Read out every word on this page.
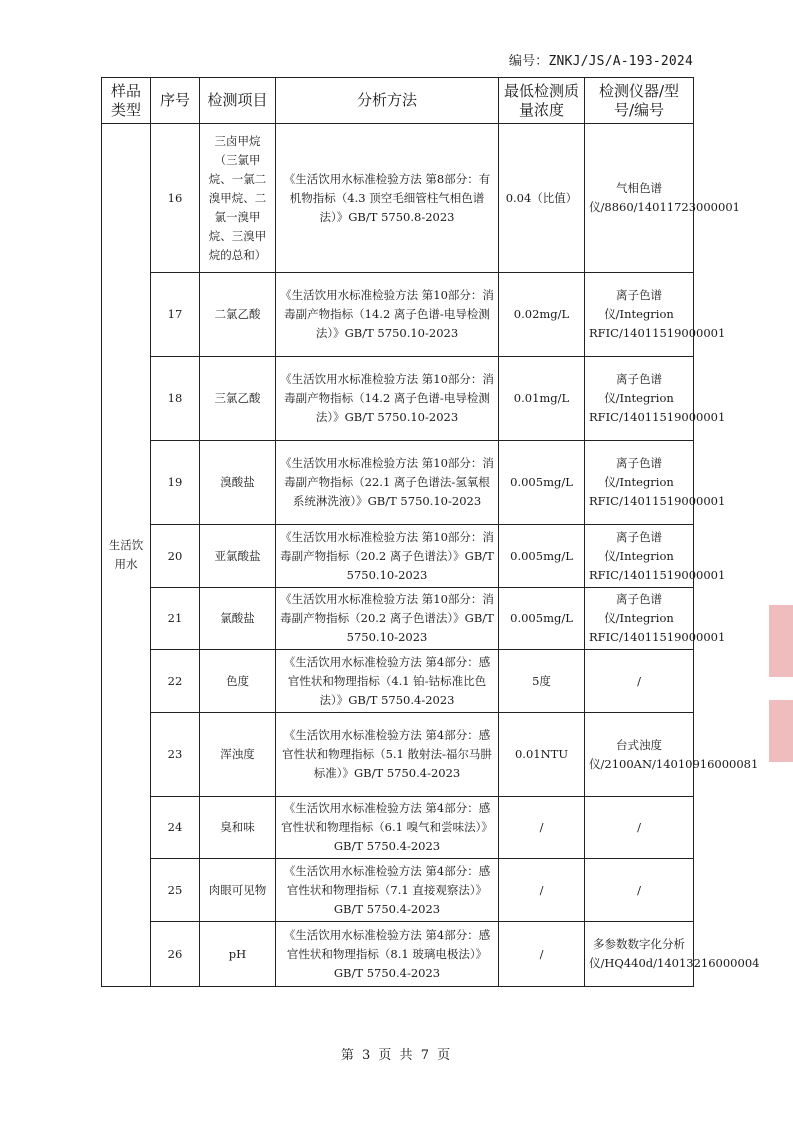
编号：ZNKJ/JS/A-193-2024
样品类型	序号	检测项目	分析方法	最低检测质量浓度	检测仪器/型号/编号
生活饮用水	16	三卤甲烷（三氯甲烷、一氯二溴甲烷、二氯一溴甲烷、三溴甲烷的总和）	《生活饮用水标准检验方法 第8部分：有机物指标（4.3 顶空毛细管柱气相色谱法）》GB/T 5750.8-2023	0.04（比值）	气相色谱仪/8860/14011723000001
	17	二氯乙酸	《生活饮用水标准检验方法 第10部分：消毒副产物指标（14.2 离子色谱-电导检测法）》GB/T 5750.10-2023	0.02mg/L	离子色谱仪/Integrion RFIC/14011519000001
	18	三氯乙酸	《生活饮用水标准检验方法 第10部分：消毒副产物指标（14.2 离子色谱-电导检测法）》GB/T 5750.10-2023	0.01mg/L	离子色谱仪/Integrion RFIC/14011519000001
	19	溴酸盐	《生活饮用水标准检验方法 第10部分：消毒副产物指标（22.1 离子色谱法-氢氧根系统淋洗液）》GB/T 5750.10-2023	0.005mg/L	离子色谱仪/Integrion RFIC/14011519000001
	20	亚氯酸盐	《生活饮用水标准检验方法 第10部分：消毒副产物指标（20.2 离子色谱法）》GB/T 5750.10-2023	0.005mg/L	离子色谱仪/Integrion RFIC/14011519000001
	21	氯酸盐	《生活饮用水标准检验方法 第10部分：消毒副产物指标（20.2 离子色谱法）》GB/T 5750.10-2023	0.005mg/L	离子色谱仪/Integrion RFIC/14011519000001
	22	色度	《生活饮用水标准检验方法 第4部分：感官性状和物理指标（4.1 铂-钴标准比色法）》GB/T 5750.4-2023	5度	/
	23	浑浊度	《生活饮用水标准检验方法 第4部分：感官性状和物理指标（5.1 散射法-福尔马肼标准）》GB/T 5750.4-2023	0.01NTU	台式浊度仪/2100AN/14010916000081
	24	臭和味	《生活饮用水标准检验方法 第4部分：感官性状和物理指标（6.1 嗅气和尝味法）》GB/T 5750.4-2023	/	/
	25	肉眼可见物	《生活饮用水标准检验方法 第4部分：感官性状和物理指标（7.1 直接观察法）》GB/T 5750.4-2023	/	/
	26	pH	《生活饮用水标准检验方法 第4部分：感官性状和物理指标（8.1 玻璃电极法）》GB/T 5750.4-2023	/	多参数数字化分析仪/HQ440d/14013216000004
第 3 页 共 7 页
